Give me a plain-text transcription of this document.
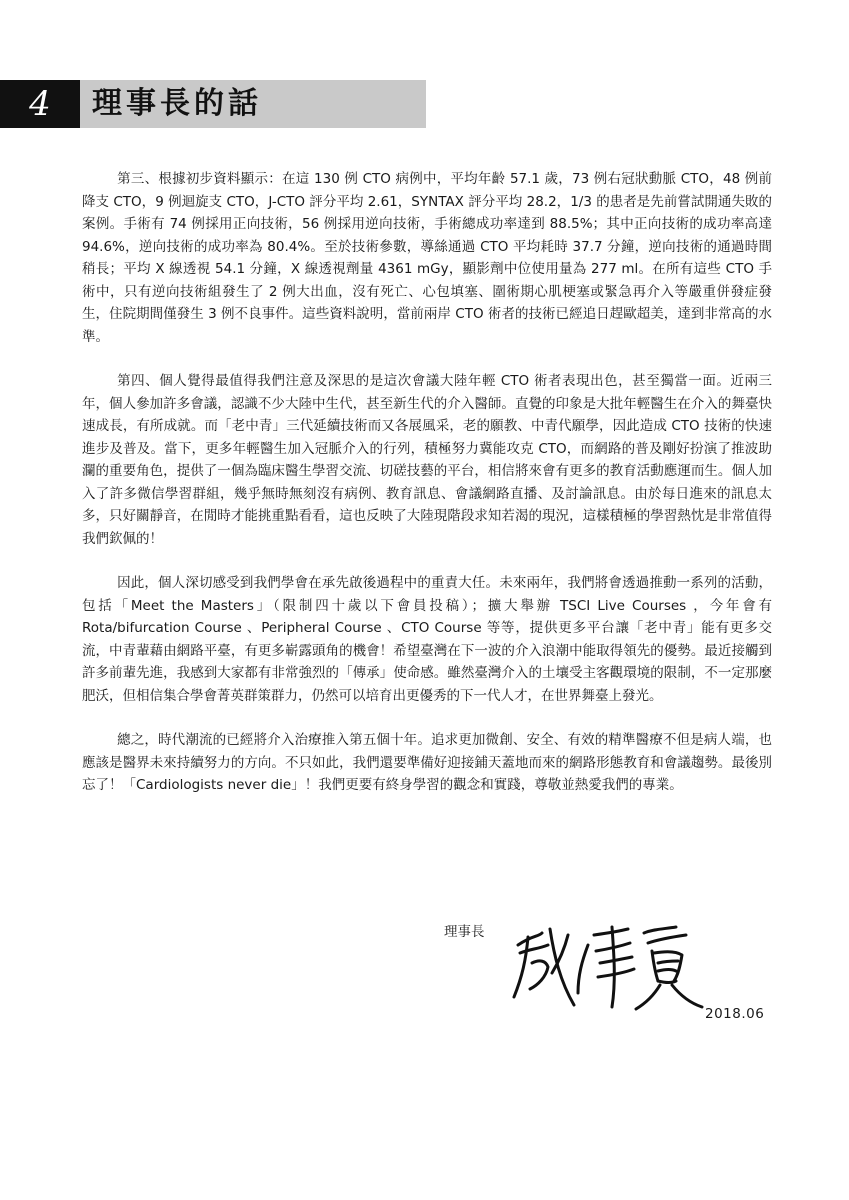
4	理事長的話

第三、根據初步資料顯示：在這 130 例 CTO 病例中，平均年齡 57.1 歲，73 例右冠狀動脈 CTO，48 例前降支 CTO，9 例迴旋支 CTO，J-CTO 評分平均 2.61，SYNTAX 評分平均 28.2，1/3 的患者是先前嘗試開通失敗的案例。手術有 74 例採用正向技術，56 例採用逆向技術，手術總成功率達到 88.5%；其中正向技術的成功率高達 94.6%，逆向技術的成功率為 80.4%。至於技術參數，導絲通過 CTO 平均耗時 37.7 分鐘，逆向技術的通過時間稍長；平均 X 線透視 54.1 分鐘，X 線透視劑量 4361 mGy，顯影劑中位使用量為 277 ml。在所有這些 CTO 手術中，只有逆向技術組發生了 2 例大出血，沒有死亡、心包填塞、圍術期心肌梗塞或緊急再介入等嚴重併發症發生，住院期間僅發生 3 例不良事件。這些資料說明，當前兩岸 CTO 術者的技術已經追日趕歐超美，達到非常高的水準。

第四、個人覺得最值得我們注意及深思的是這次會議大陸年輕 CTO 術者表現出色，甚至獨當一面。近兩三年，個人參加許多會議，認識不少大陸中生代，甚至新生代的介入醫師。直覺的印象是大批年輕醫生在介入的舞臺快速成長，有所成就。而「老中青」三代延續技術而又各展風采，老的願教、中青代願學，因此造成 CTO 技術的快速進步及普及。當下，更多年輕醫生加入冠脈介入的行列，積極努力冀能攻克 CTO，而網路的普及剛好扮演了推波助瀾的重要角色，提供了一個為臨床醫生學習交流、切磋技藝的平台，相信將來會有更多的教育活動應運而生。個人加入了許多微信學習群組，幾乎無時無刻沒有病例、教育訊息、會議網路直播、及討論訊息。由於每日進來的訊息太多，只好關靜音，在閒時才能挑重點看看，這也反映了大陸現階段求知若渴的現況，這樣積極的學習熱忱是非常值得我們欽佩的！

因此，個人深切感受到我們學會在承先啟後過程中的重責大任。未來兩年，我們將會透過推動一系列的活動，包括「Meet the Masters」（限制四十歲以下會員投稿）；擴大舉辦 TSCI Live Courses ，今年會有 Rota/bifurcation Course 、Peripheral Course 、CTO Course 等等，提供更多平台讓「老中青」能有更多交流，中青輩藉由網路平臺，有更多嶄露頭角的機會！希望臺灣在下一波的介入浪潮中能取得領先的優勢。最近接觸到許多前輩先進，我感到大家都有非常強烈的「傳承」使命感。雖然臺灣介入的土壤受主客觀環境的限制，不一定那麼肥沃，但相信集合學會菁英群策群力，仍然可以培育出更優秀的下一代人才，在世界舞臺上發光。

總之，時代潮流的已經將介入治療推入第五個十年。追求更加微創、安全、有效的精準醫療不但是病人端，也應該是醫界未來持續努力的方向。不只如此，我們還要準備好迎接鋪天蓋地而來的網路形態教育和會議趨勢。最後別忘了！「Cardiologists never die」！我們更要有終身學習的觀念和實踐，尊敬並熱愛我們的專業。

理事長
2018.06
